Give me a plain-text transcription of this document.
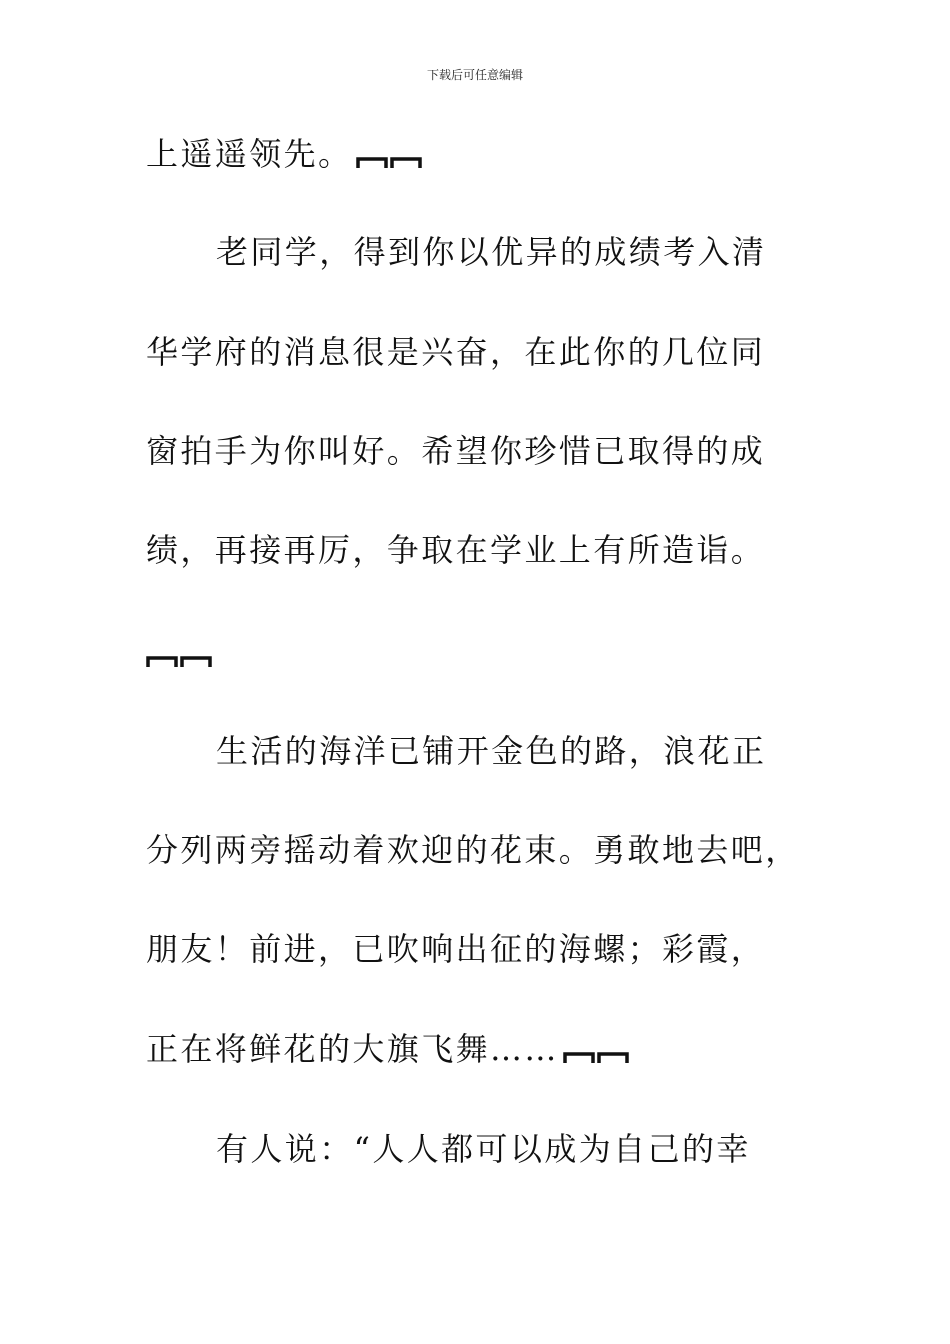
下载后可任意编辑
上遥遥领先。
老同学，得到你以优异的成绩考入清
华学府的消息很是兴奋，在此你的几位同
窗拍手为你叫好。希望你珍惜已取得的成
绩，再接再厉，争取在学业上有所造诣。
生活的海洋已铺开金色的路，浪花正
分列两旁摇动着欢迎的花束。勇敢地去吧，
朋友！前进，已吹响出征的海螺；彩霞，
正在将鲜花的大旗飞舞……
有人说：“人人都可以成为自己的幸
